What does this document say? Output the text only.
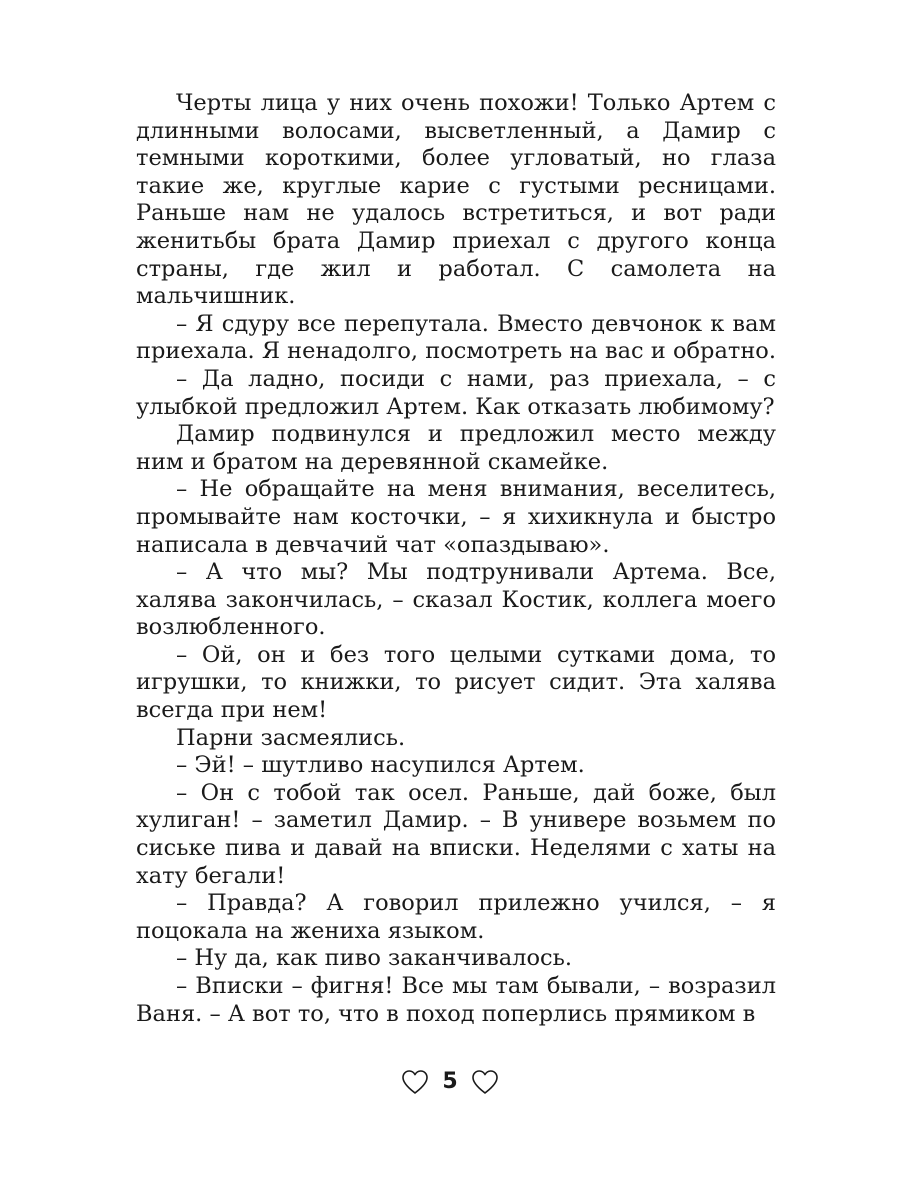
Черты лица у них очень похожи! Только Артем с длинными волосами, высветленный, а Дамир с темными короткими, более угловатый, но глаза такие же, круглые карие с густыми ресницами. Раньше нам не удалось встретиться, и вот ради женитьбы брата Дамир приехал с другого конца страны, где жил и работал. С самолета на мальчишник.

– Я сдуру все перепутала. Вместо девчонок к вам приехала. Я ненадолго, посмотреть на вас и обратно.

– Да ладно, посиди с нами, раз приехала, – с улыбкой предложил Артем. Как отказать любимому?

Дамир подвинулся и предложил место между ним и братом на деревянной скамейке.

– Не обращайте на меня внимания, веселитесь, промывайте нам косточки, – я хихикнула и быстро написала в девчачий чат «опаздываю».

– А что мы? Мы подтрунивали Артема. Все, халява закончилась, – сказал Костик, коллега моего возлюбленного.

– Ой, он и без того целыми сутками дома, то игрушки, то книжки, то рисует сидит. Эта халява всегда при нем!

Парни засмеялись.

– Эй! – шутливо насупился Артем.

– Он с тобой так осел. Раньше, дай боже, был хулиган! – заметил Дамир. – В универе возьмем по сиське пива и давай на вписки. Неделями с хаты на хату бегали!

– Правда? А говорил прилежно учился, – я поцокала на жениха языком.

– Ну да, как пиво заканчивалось.

– Вписки – фигня! Все мы там бывали, – возразил Ваня. – А вот то, что в поход поперлись прямиком в

5
